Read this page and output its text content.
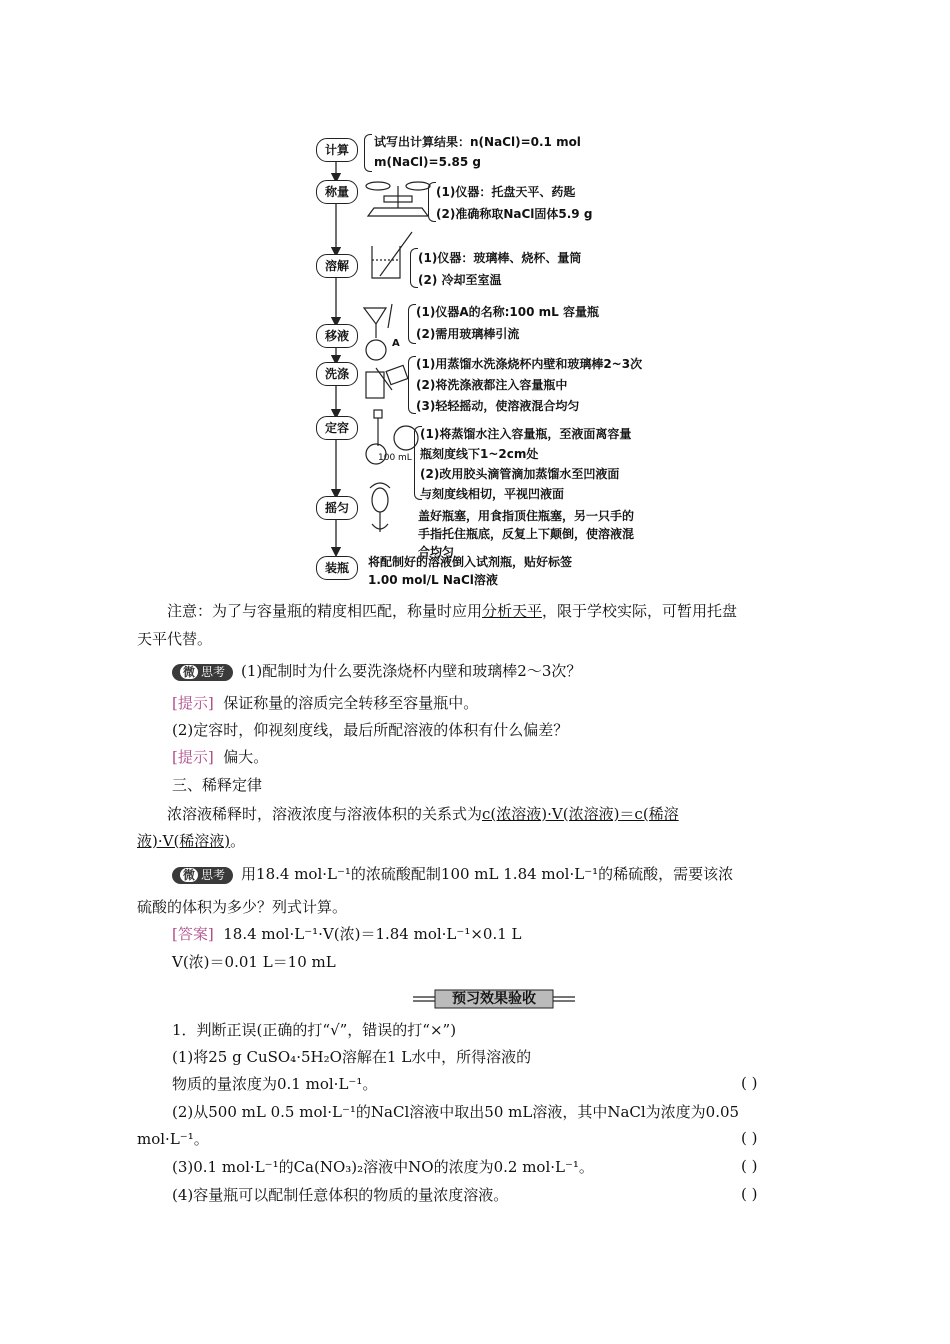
计算
称量
溶解
移液
洗涤
定容
摇匀
装瓶
试写出计算结果：n(NaCl)=0.1 mol
m(NaCl)=5.85 g
(1)仪器：托盘天平、药匙
(2)准确称取NaCl固体5.9 g
(1)仪器：玻璃棒、烧杯、量筒
(2) 冷却至室温
A
(1)仪器A的名称:100 mL 容量瓶
(2)需用玻璃棒引流
(1)用蒸馏水洗涤烧杯内壁和玻璃棒2~3次
(2)将洗涤液都注入容量瓶中
(3)轻轻摇动，使溶液混合均匀
100 mL
(1)将蒸馏水注入容量瓶，至液面离容量
瓶刻度线下1~2cm处
(2)改用胶头滴管滴加蒸馏水至凹液面
与刻度线相切，平视凹液面
盖好瓶塞，用食指顶住瓶塞，另一只手的
手指托住瓶底，反复上下颠倒，使溶液混
合均匀
将配制好的溶液倒入试剂瓶，贴好标签
1.00 mol/L NaCl溶液
注意：为了与容量瓶的精度相匹配，称量时应用分析天平，限于学校实际，可暂用托盘
天平代替。
微 思考 (1)配制时为什么要洗涤烧杯内壁和玻璃棒2～3次？
[提示] 保证称量的溶质完全转移至容量瓶中。
(2)定容时，仰视刻度线，最后所配溶液的体积有什么偏差？
[提示] 偏大。
三、稀释定律
浓溶液稀释时，溶液浓度与溶液体积的关系式为c(浓溶液)·V(浓溶液)＝c(稀溶
液)·V(稀溶液)。
微 思考 用18.4 mol·L⁻¹的浓硫酸配制100 mL 1.84 mol·L⁻¹的稀硫酸，需要该浓
硫酸的体积为多少？列式计算。
[答案] 18.4 mol·L⁻¹·V(浓)＝1.84 mol·L⁻¹×0.1 L
V(浓)＝0.01 L＝10 mL
预习效果验收
1．判断正误(正确的打“√”，错误的打“×”)
(1)将25 g CuSO₄·5H₂O溶解在1 L水中，所得溶液的
物质的量浓度为0.1 mol·L⁻¹。	( )
(2)从500 mL 0.5 mol·L⁻¹的NaCl溶液中取出50 mL溶液，其中NaCl为浓度为0.05
mol·L⁻¹。	( )
(3)0.1 mol·L⁻¹的Ca(NO₃)₂溶液中NO的浓度为0.2 mol·L⁻¹。	( )
(4)容量瓶可以配制任意体积的物质的量浓度溶液。	( )
